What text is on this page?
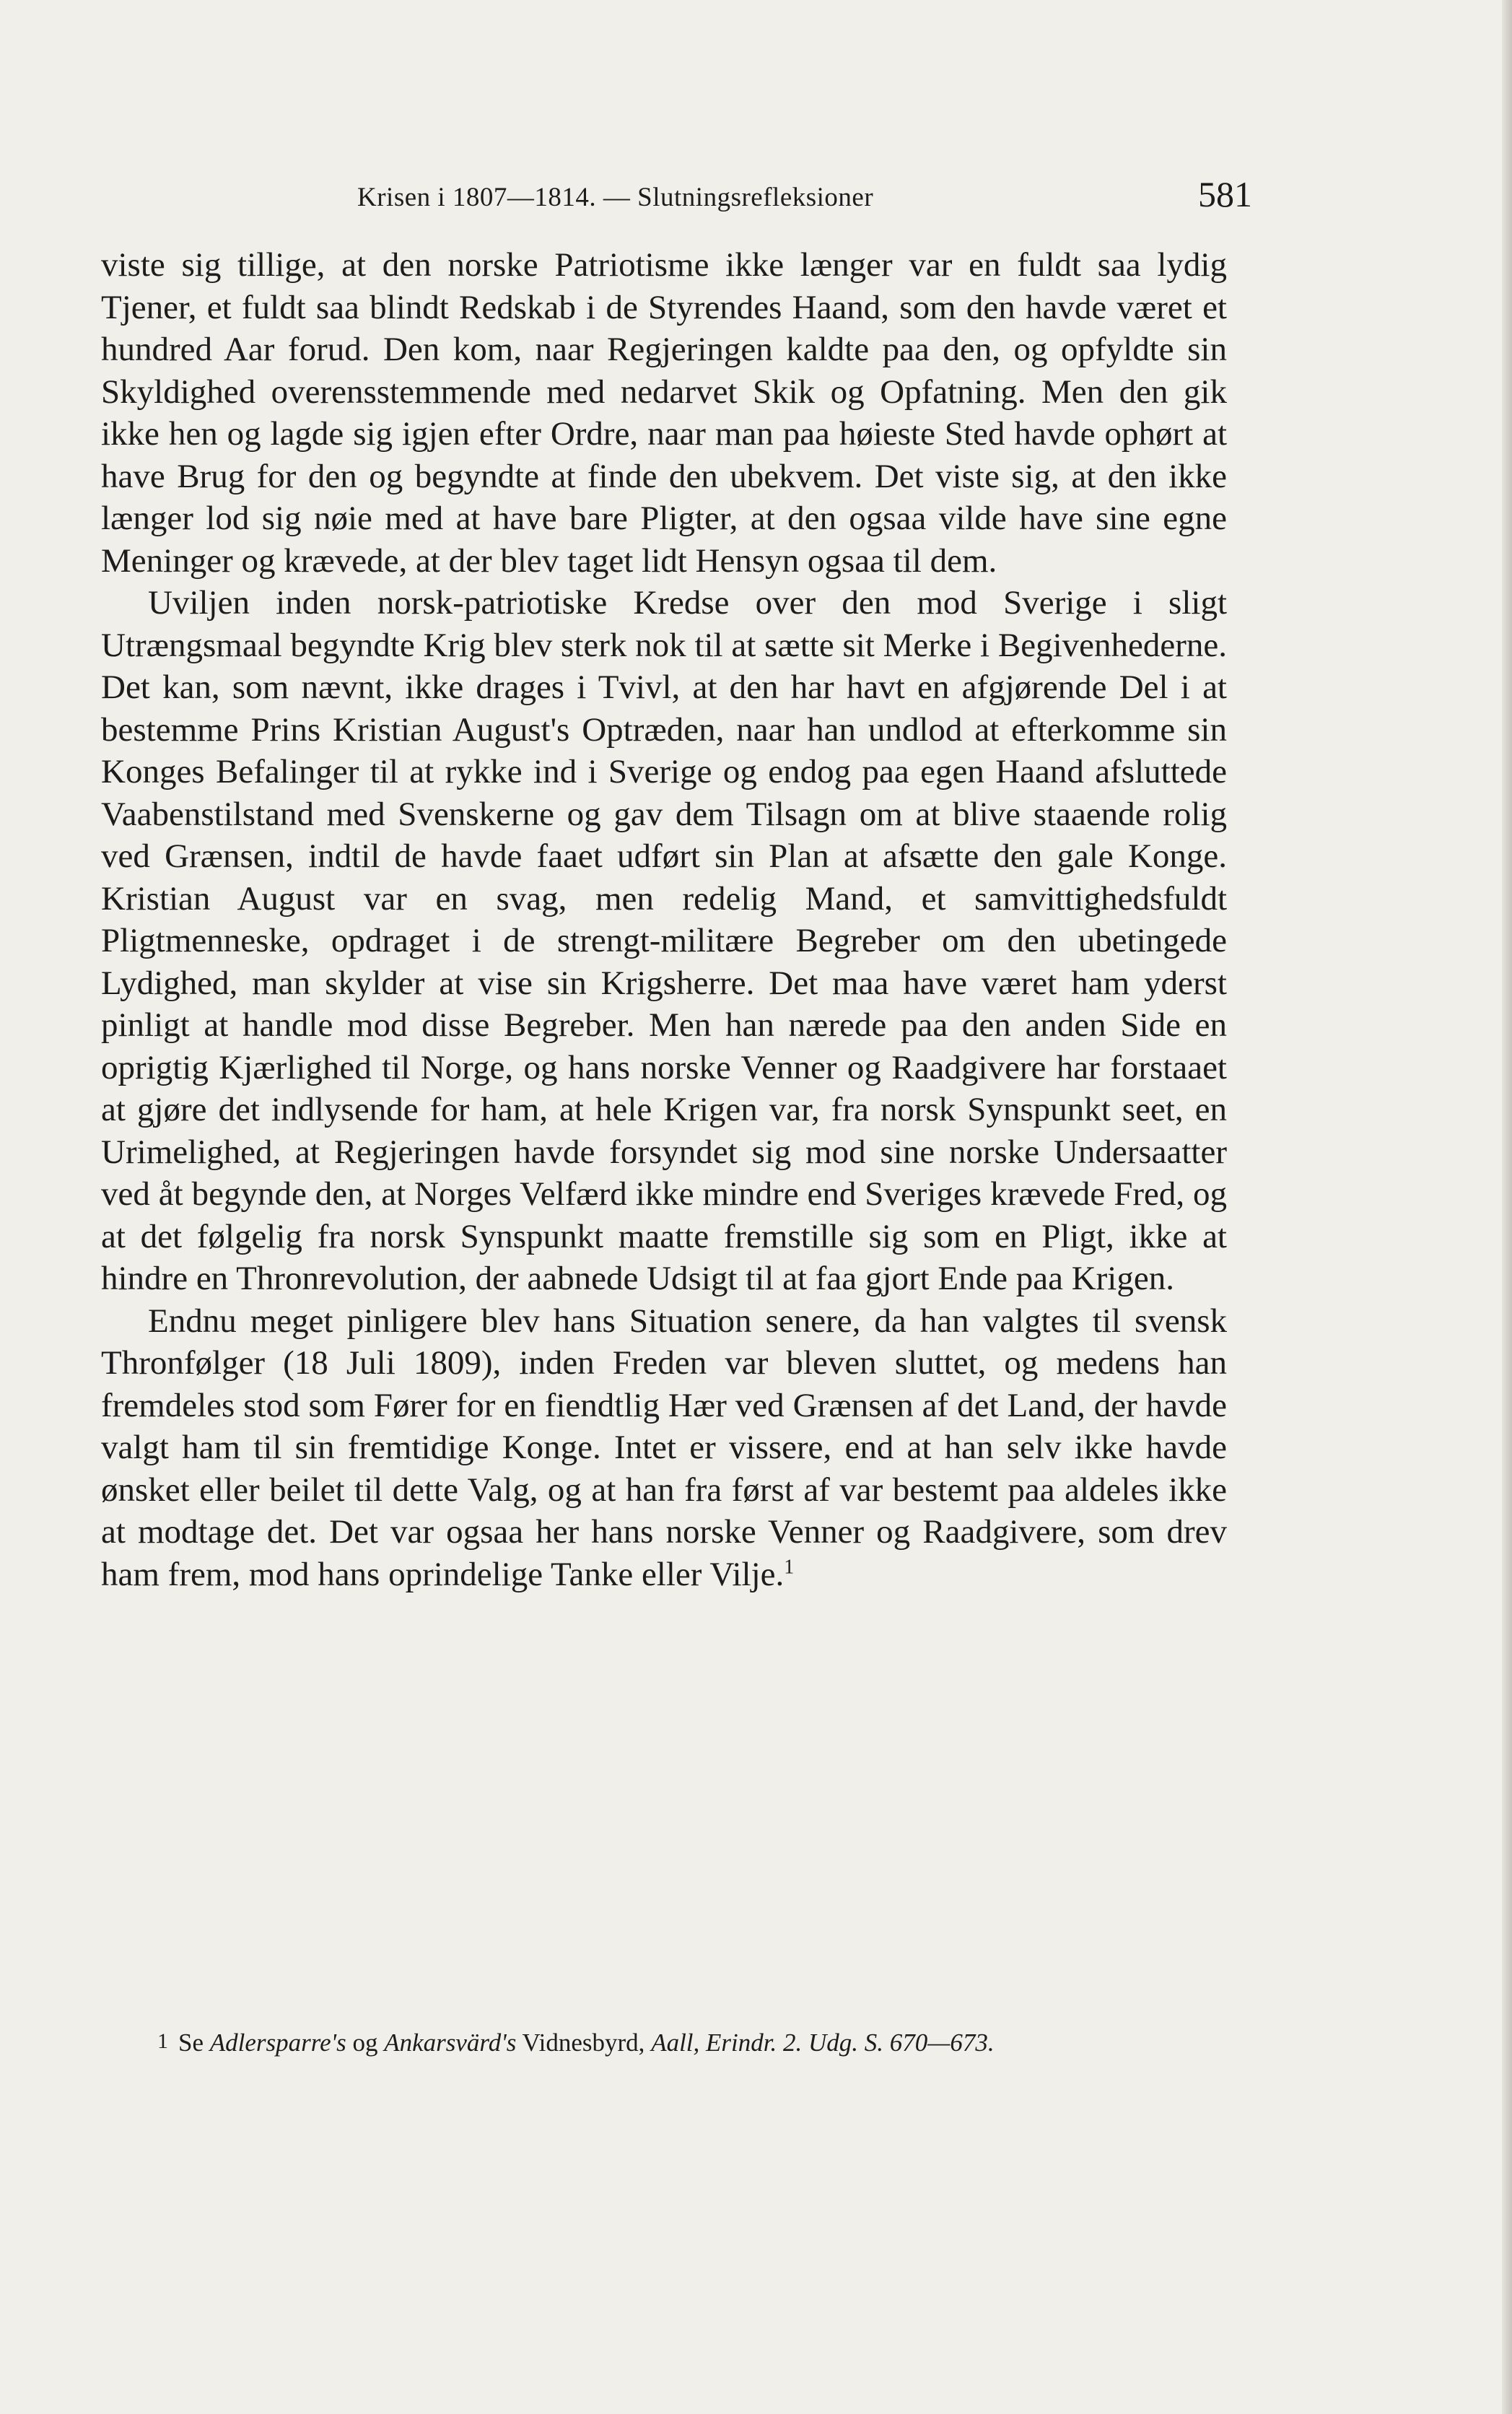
Krisen i 1807—1814. — Slutningsrefleksioner	581

viste sig tillige, at den norske Patriotisme ikke længer var en fuldt saa lydig Tjener, et fuldt saa blindt Redskab i de Styrendes Haand, som den havde været et hundred Aar forud. Den kom, naar Regjeringen kaldte paa den, og opfyldte sin Skyldighed overensstemmende med nedarvet Skik og Opfatning. Men den gik ikke hen og lagde sig igjen efter Ordre, naar man paa høieste Sted havde ophørt at have Brug for den og begyndte at finde den ubekvem. Det viste sig, at den ikke længer lod sig nøie med at have bare Pligter, at den ogsaa vilde have sine egne Meninger og krævede, at der blev taget lidt Hensyn ogsaa til dem.

Uviljen inden norsk-patriotiske Kredse over den mod Sverige i sligt Utrængsmaal begyndte Krig blev sterk nok til at sætte sit Merke i Begivenhederne. Det kan, som nævnt, ikke drages i Tvivl, at den har havt en afgjørende Del i at bestemme Prins Kristian August's Optræden, naar han undlod at efterkomme sin Konges Befalinger til at rykke ind i Sverige og endog paa egen Haand afsluttede Vaabenstilstand med Svenskerne og gav dem Tilsagn om at blive staaende rolig ved Grænsen, indtil de havde faaet udført sin Plan at afsætte den gale Konge. Kristian August var en svag, men redelig Mand, et samvittighedsfuldt Pligtmenneske, opdraget i de strengt-militære Begreber om den ubetingede Lydighed, man skylder at vise sin Krigsherre. Det maa have været ham yderst pinligt at handle mod disse Begreber. Men han nærede paa den anden Side en oprigtig Kjærlighed til Norge, og hans norske Venner og Raadgivere har forstaaet at gjøre det indlysende for ham, at hele Krigen var, fra norsk Synspunkt seet, en Urimelighed, at Regjeringen havde forsyndet sig mod sine norske Undersaatter ved åt begynde den, at Norges Velfærd ikke mindre end Sveriges krævede Fred, og at det følgelig fra norsk Synspunkt maatte fremstille sig som en Pligt, ikke at hindre en Thronrevolution, der aabnede Udsigt til at faa gjort Ende paa Krigen.

Endnu meget pinligere blev hans Situation senere, da han valgtes til svensk Thronfølger (18 Juli 1809), inden Freden var bleven sluttet, og medens han fremdeles stod som Fører for en fiendtlig Hær ved Grænsen af det Land, der havde valgt ham til sin fremtidige Konge. Intet er vissere, end at han selv ikke havde ønsket eller beilet til dette Valg, og at han fra først af var bestemt paa aldeles ikke at modtage det. Det var ogsaa her hans norske Venner og Raadgivere, som drev ham frem, mod hans oprindelige Tanke eller Vilje.$^1$

1 Se Adlersparre's og Ankarsvärd's Vidnesbyrd, Aall, Erindr. 2. Udg. S. 670—673.
